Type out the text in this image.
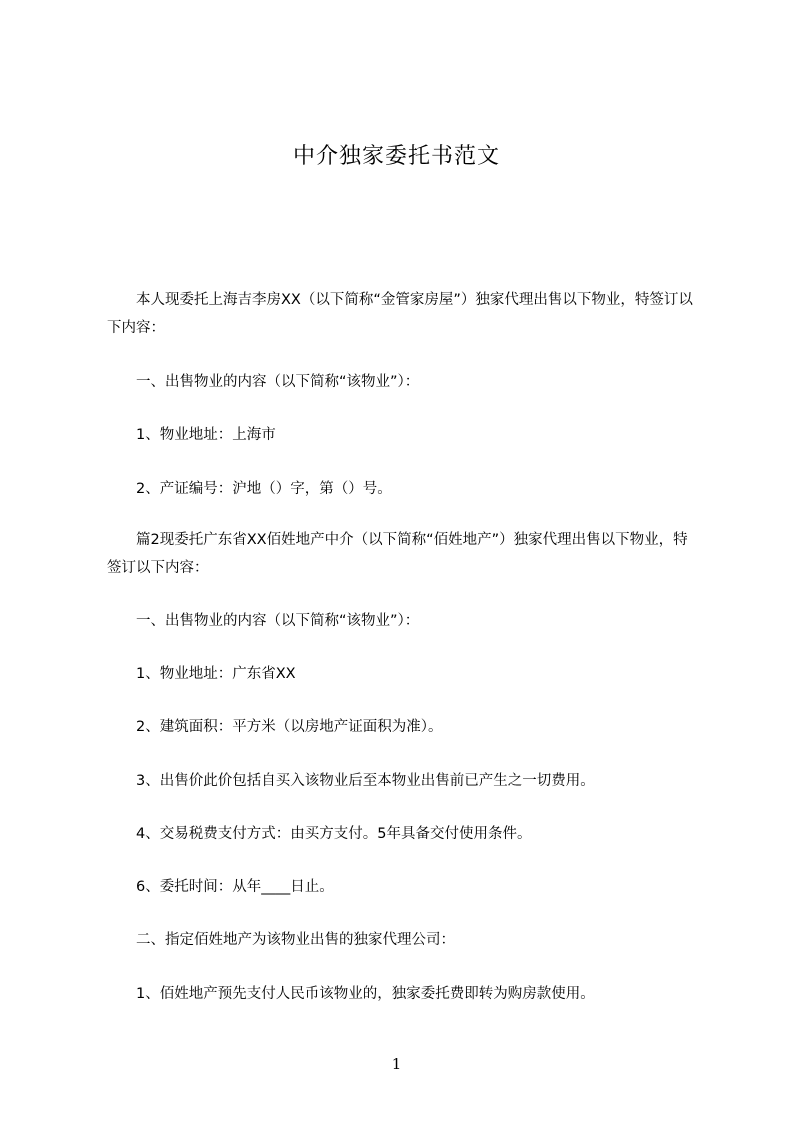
中介独家委托书范文

本人现委托上海吉李房XX（以下简称“金管家房屋”）独家代理出售以下物业，特签订以下内容：

一、出售物业的内容（以下简称“该物业”）：

1、物业地址：上海市

2、产证编号：沪地（）字，第（）号。

篇2现委托广东省XX佰姓地产中介（以下简称“佰姓地产”）独家代理出售以下物业，特签订以下内容：

一、出售物业的内容（以下简称“该物业”）：

1、物业地址：广东省XX

2、建筑面积：平方米（以房地产证面积为准）。

3、出售价此价包括自买入该物业后至本物业出售前已产生之一切费用。

4、交易税费支付方式：由买方支付。5年具备交付使用条件。

6、委托时间：从年____日止。

二、指定佰姓地产为该物业出售的独家代理公司：

1、佰姓地产预先支付人民币该物业的，独家委托费即转为购房款使用。

1
